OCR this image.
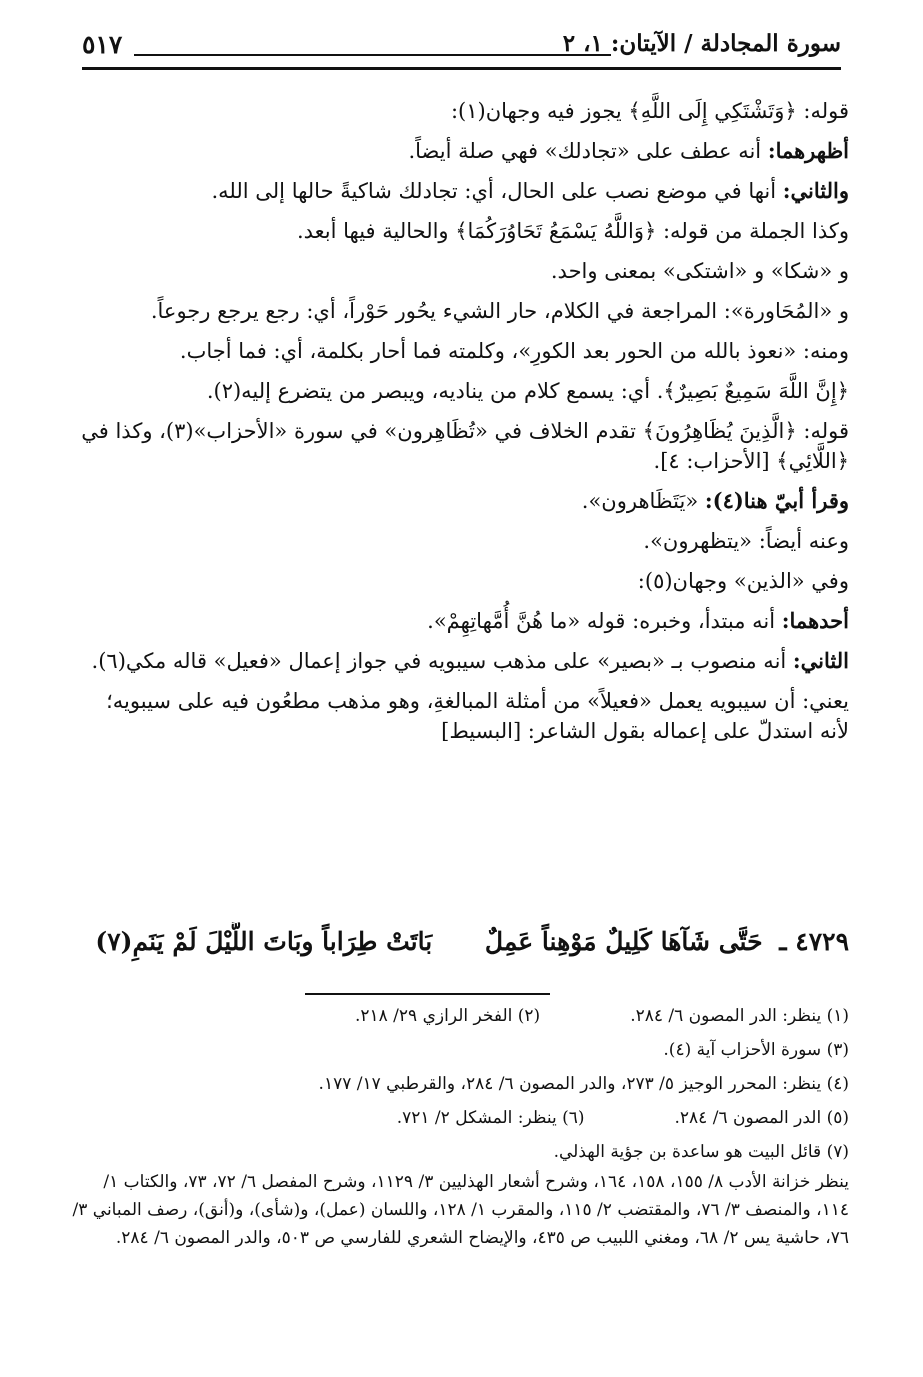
٥١٧	سورة المجادلة / الآيتان: ١، ٢

قوله: ﴿وَتَشْتَكِي إِلَى اللَّهِ﴾ يجوز فيه وجهان(١):

أظهرهما: أنه عطف على «تجادلك» فهي صلة أيضاً.

والثاني: أنها في موضع نصب على الحال، أي: تجادلك شاكيةً حالها إلى الله.

وكذا الجملة من قوله: ﴿وَاللَّهُ يَسْمَعُ تَحَاوُرَكُمَا﴾ والحالية فيها أبعد.

و «شكا» و «اشتكى» بمعنى واحد.

و «المُحَاورة»: المراجعة في الكلام، حار الشيء يحُور حَوْراً، أي: رجع يرجع رجوعاً.

ومنه: «نعوذ بالله من الحور بعد الكورِ»، وكلمته فما أحار بكلمة، أي: فما أجاب.

﴿إِنَّ اللَّهَ سَمِيعٌ بَصِيرٌ﴾. أي: يسمع كلام من يناديه، ويبصر من يتضرع إليه(٢).

قوله: ﴿الَّذِينَ يُظَاهِرُونَ﴾ تقدم الخلاف في «تُظَاهِرون» في سورة «الأحزاب»(٣)، وكذا في ﴿اللَّائِي﴾ [الأحزاب: ٤].

وقرأ أبيّ هنا(٤): «يَتَظَاهرون».

وعنه أيضاً: «يتظهرون».

وفي «الذين» وجهان(٥):

أحدهما: أنه مبتدأ، وخبره: قوله «ما هُنَّ أُمَّهاتِهِمْ».

الثاني: أنه منصوب بـ «بصير» على مذهب سيبويه في جواز إعمال «فعيل» قاله مكي(٦).

يعني: أن سيبويه يعمل «فعيلاً» من أمثلة المبالغةِ، وهو مذهب مطعُون فيه على سيبويه؛ لأنه استدلّ على إعماله بقول الشاعر: [البسيط]

٤٧٢٩ ـ حَتَّى شَآهَا كَلِيلٌ مَوْهِناً عَمِلٌ بَاتَتْ طِرَاباً وبَاتَ اللَّيْلَ لَمْ يَنَمِ(٧)

(١) ينظر: الدر المصون ٦/ ٢٨٤.(٢) الفخر الرازي ٢٩/ ٢١٨.

(٣) سورة الأحزاب آية (٤).

(٤) ينظر: المحرر الوجيز ٥/ ٢٧٣، والدر المصون ٦/ ٢٨٤، والقرطبي ١٧/ ١٧٧.

(٥) الدر المصون ٦/ ٢٨٤.(٦) ينظر: المشكل ٢/ ٧٢١.

(٧) قائل البيت هو ساعدة بن جؤية الهذلي.

ينظر خزانة الأدب ٨/ ١٥٥، ١٥٨، ١٦٤، وشرح أشعار الهذليين ٣/ ١١٢٩، وشرح المفصل ٦/ ٧٢، ٧٣، والكتاب ١/ ١١٤، والمنصف ٣/ ٧٦، والمقتضب ٢/ ١١٥، والمقرب ١/ ١٢٨، واللسان (عمل)، و(شأى)، و(أنق)، رصف المباني ٣/ ٧٦، حاشية يس ٢/ ٦٨، ومغني اللبيب ص ٤٣٥، والإيضاح الشعري للفارسي ص ٥٠٣، والدر المصون ٦/ ٢٨٤.
